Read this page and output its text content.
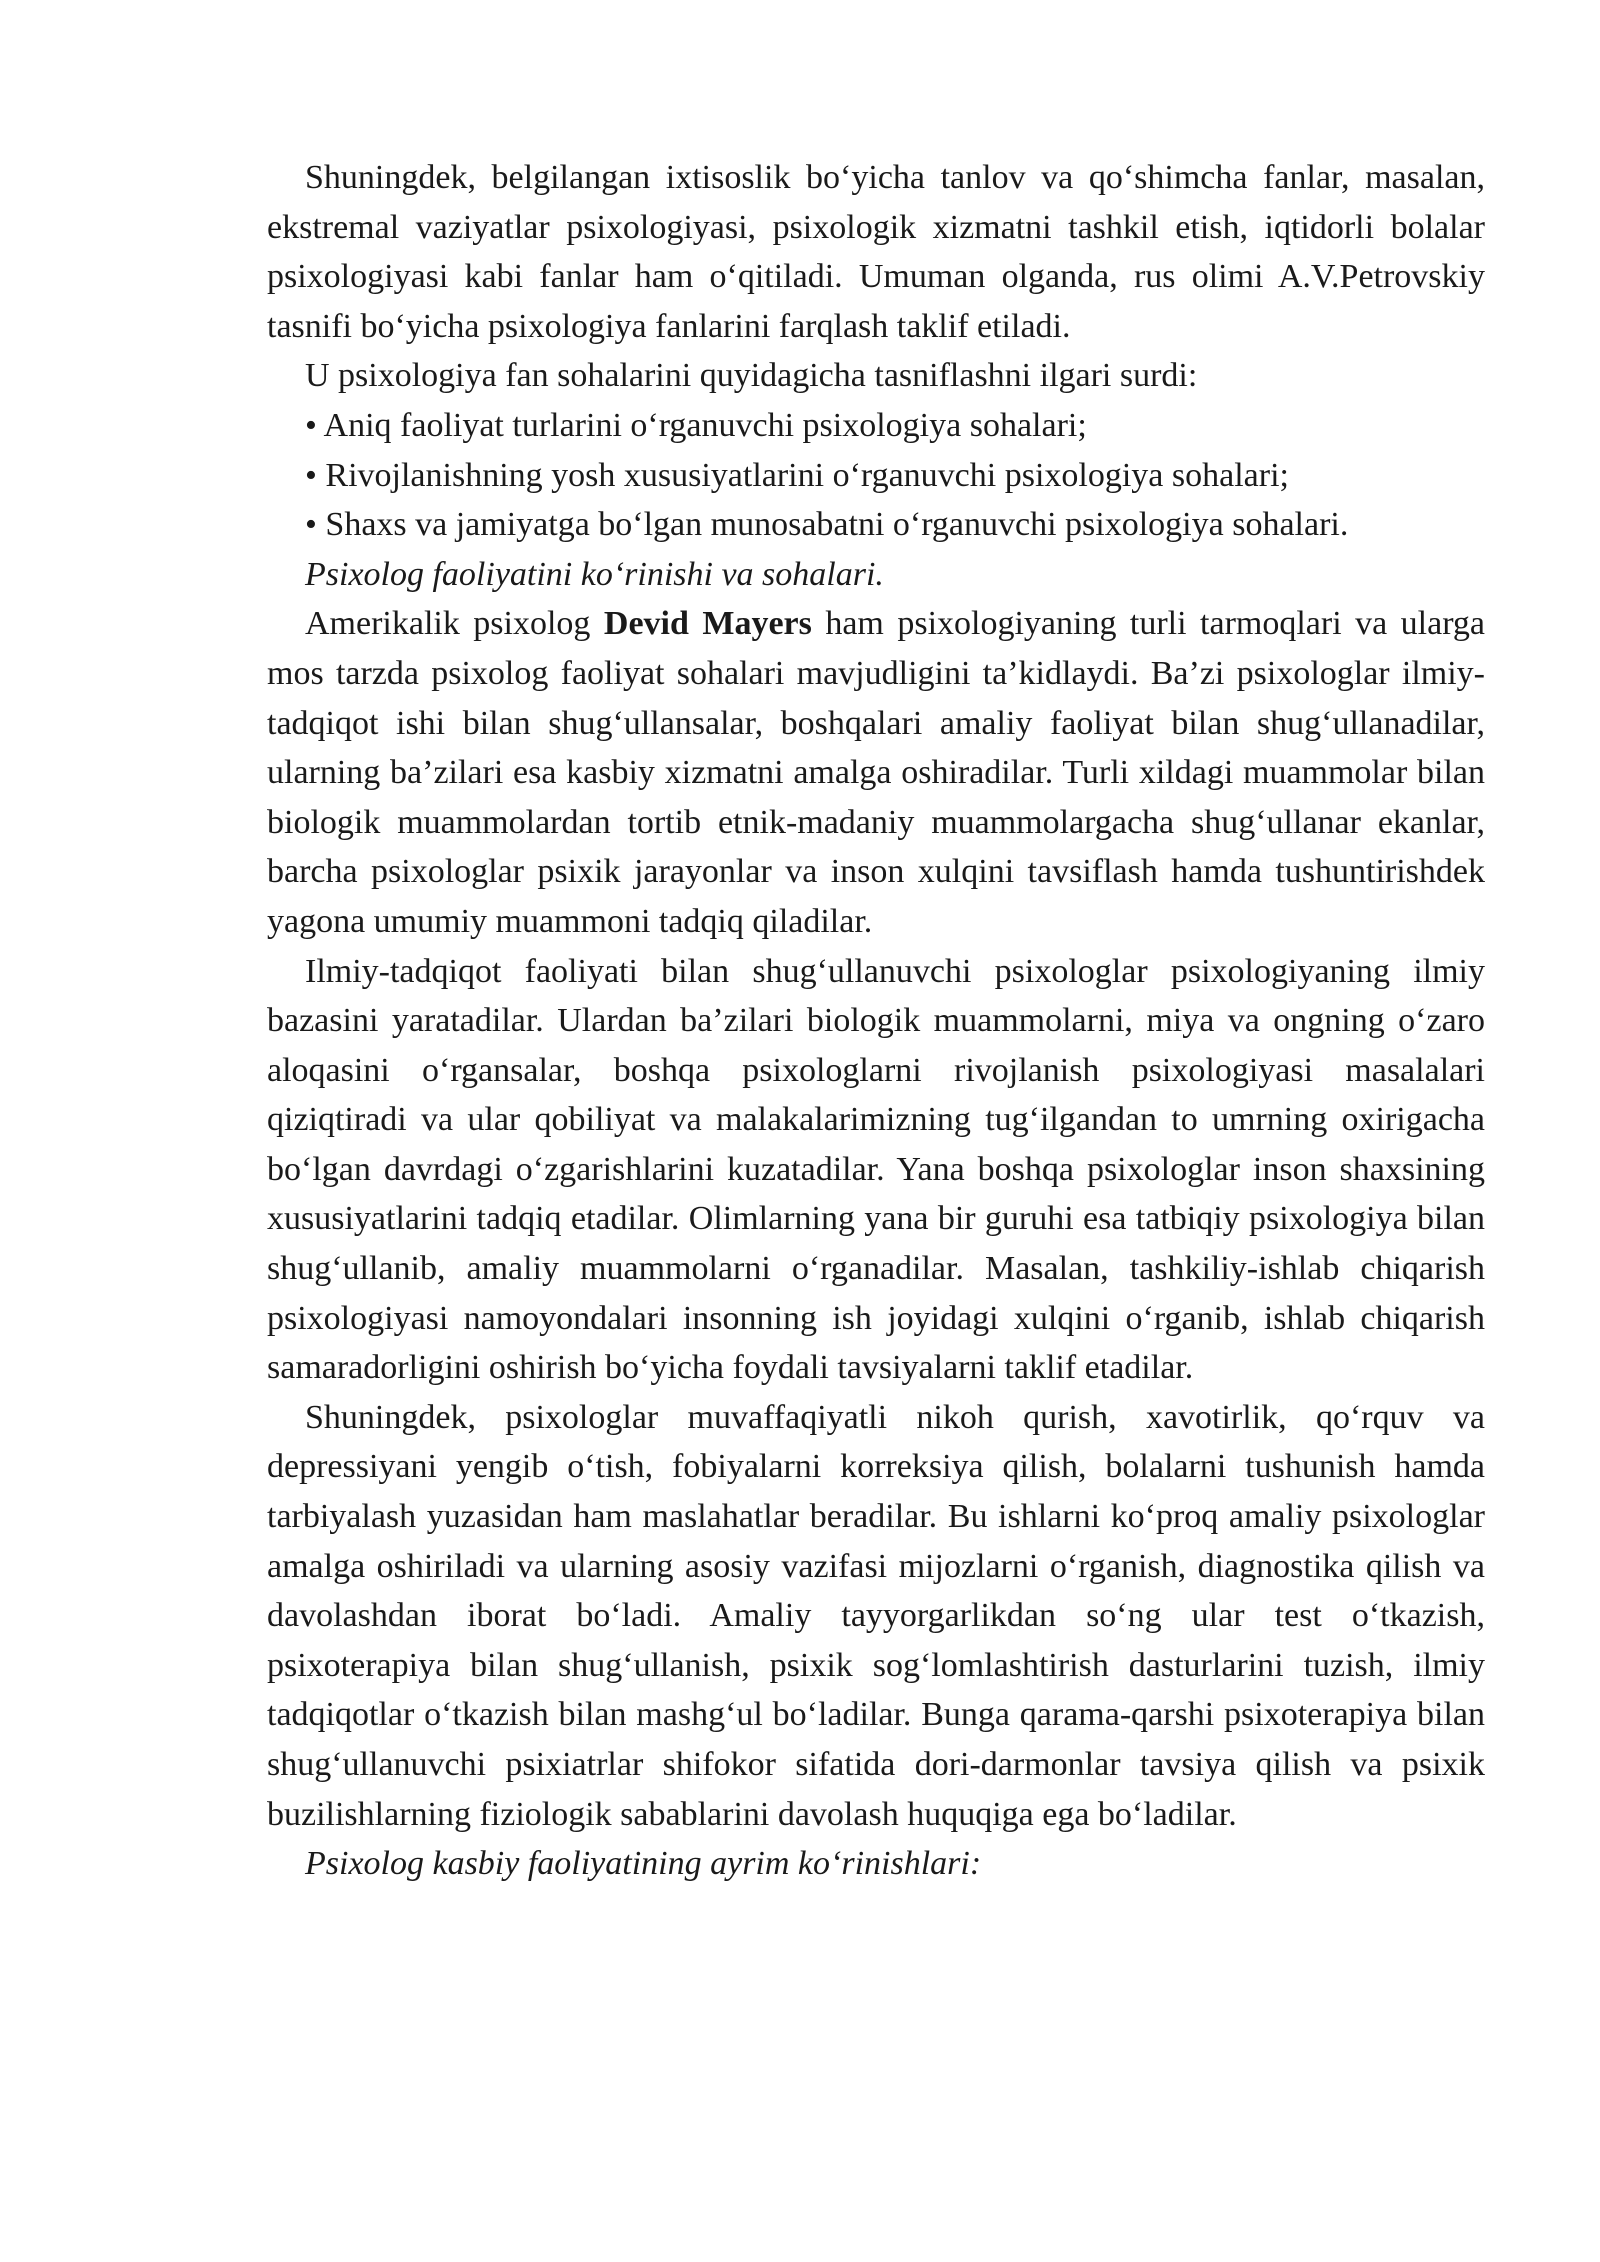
Shuningdek, belgilangan ixtisoslik bo‘yicha tanlov va qo‘shimcha fanlar, masalan, ekstremal vaziyatlar psixologiyasi, psixologik xizmatni tashkil etish, iqtidorli bolalar psixologiyasi kabi fanlar ham o‘qitiladi. Umuman olganda, rus olimi A.V.Petrovskiy tasnifi bo‘yicha psixologiya fanlarini farqlash taklif etiladi.

U psixologiya fan sohalarini quyidagicha tasniflashni ilgari surdi:

• Aniq faoliyat turlarini o‘rganuvchi psixologiya sohalari;

• Rivojlanishning yosh xususiyatlarini o‘rganuvchi psixologiya sohalari;

• Shaxs va jamiyatga bo‘lgan munosabatni o‘rganuvchi psixologiya sohalari.

Psixolog faoliyatini ko‘rinishi va sohalari.

Amerikalik psixolog Devid Mayers ham psixologiyaning turli tarmoqlari va ularga mos tarzda psixolog faoliyat sohalari mavjudligini ta’kidlaydi. Ba’zi psixologlar ilmiy-tadqiqot ishi bilan shug‘ullansalar, boshqalari amaliy faoliyat bilan shug‘ullanadilar, ularning ba’zilari esa kasbiy xizmatni amalga oshiradilar. Turli xildagi muammolar bilan biologik muammolardan tortib etnik-madaniy muammolargacha shug‘ullanar ekanlar, barcha psixologlar psixik jarayonlar va inson xulqini tavsiflash hamda tushuntirishdek yagona umumiy muammoni tadqiq qiladilar.

Ilmiy-tadqiqot faoliyati bilan shug‘ullanuvchi psixologlar psixologiyaning ilmiy bazasini yaratadilar. Ulardan ba’zilari biologik muammolarni, miya va ongning o‘zaro aloqasini o‘rgansalar, boshqa psixologlarni rivojlanish psixologiyasi masalalari qiziqtiradi va ular qobiliyat va malakalarimizning tug‘ilgandan to umrning oxirigacha bo‘lgan davrdagi o‘zgarishlarini kuzatadilar. Yana boshqa psixologlar inson shaxsining xususiyatlarini tadqiq etadilar. Olimlarning yana bir guruhi esa tatbiqiy psixologiya bilan shug‘ullanib, amaliy muammolarni o‘rganadilar. Masalan, tashkiliy-ishlab chiqarish psixologiyasi namoyondalari insonning ish joyidagi xulqini o‘rganib, ishlab chiqarish samaradorligini oshirish bo‘yicha foydali tavsiyalarni taklif etadilar.

Shuningdek, psixologlar muvaffaqiyatli nikoh qurish, xavotirlik, qo‘rquv va depressiyani yengib o‘tish, fobiyalarni korreksiya qilish, bolalarni tushunish hamda tarbiyalash yuzasidan ham maslahatlar beradilar. Bu ishlarni ko‘proq amaliy psixologlar amalga oshiriladi va ularning asosiy vazifasi mijozlarni o‘rganish, diagnostika qilish va davolashdan iborat bo‘ladi. Amaliy tayyorgarlikdan so‘ng ular test o‘tkazish, psixoterapiya bilan shug‘ullanish, psixik sog‘lomlashtirish dasturlarini tuzish, ilmiy tadqiqotlar o‘tkazish bilan mashg‘ul bo‘ladilar. Bunga qarama-qarshi psixoterapiya bilan shug‘ullanuvchi psixiatrlar shifokor sifatida dori-darmonlar tavsiya qilish va psixik buzilishlarning fiziologik sabablarini davolash huquqiga ega bo‘ladilar.

Psixolog kasbiy faoliyatining ayrim ko‘rinishlari:
